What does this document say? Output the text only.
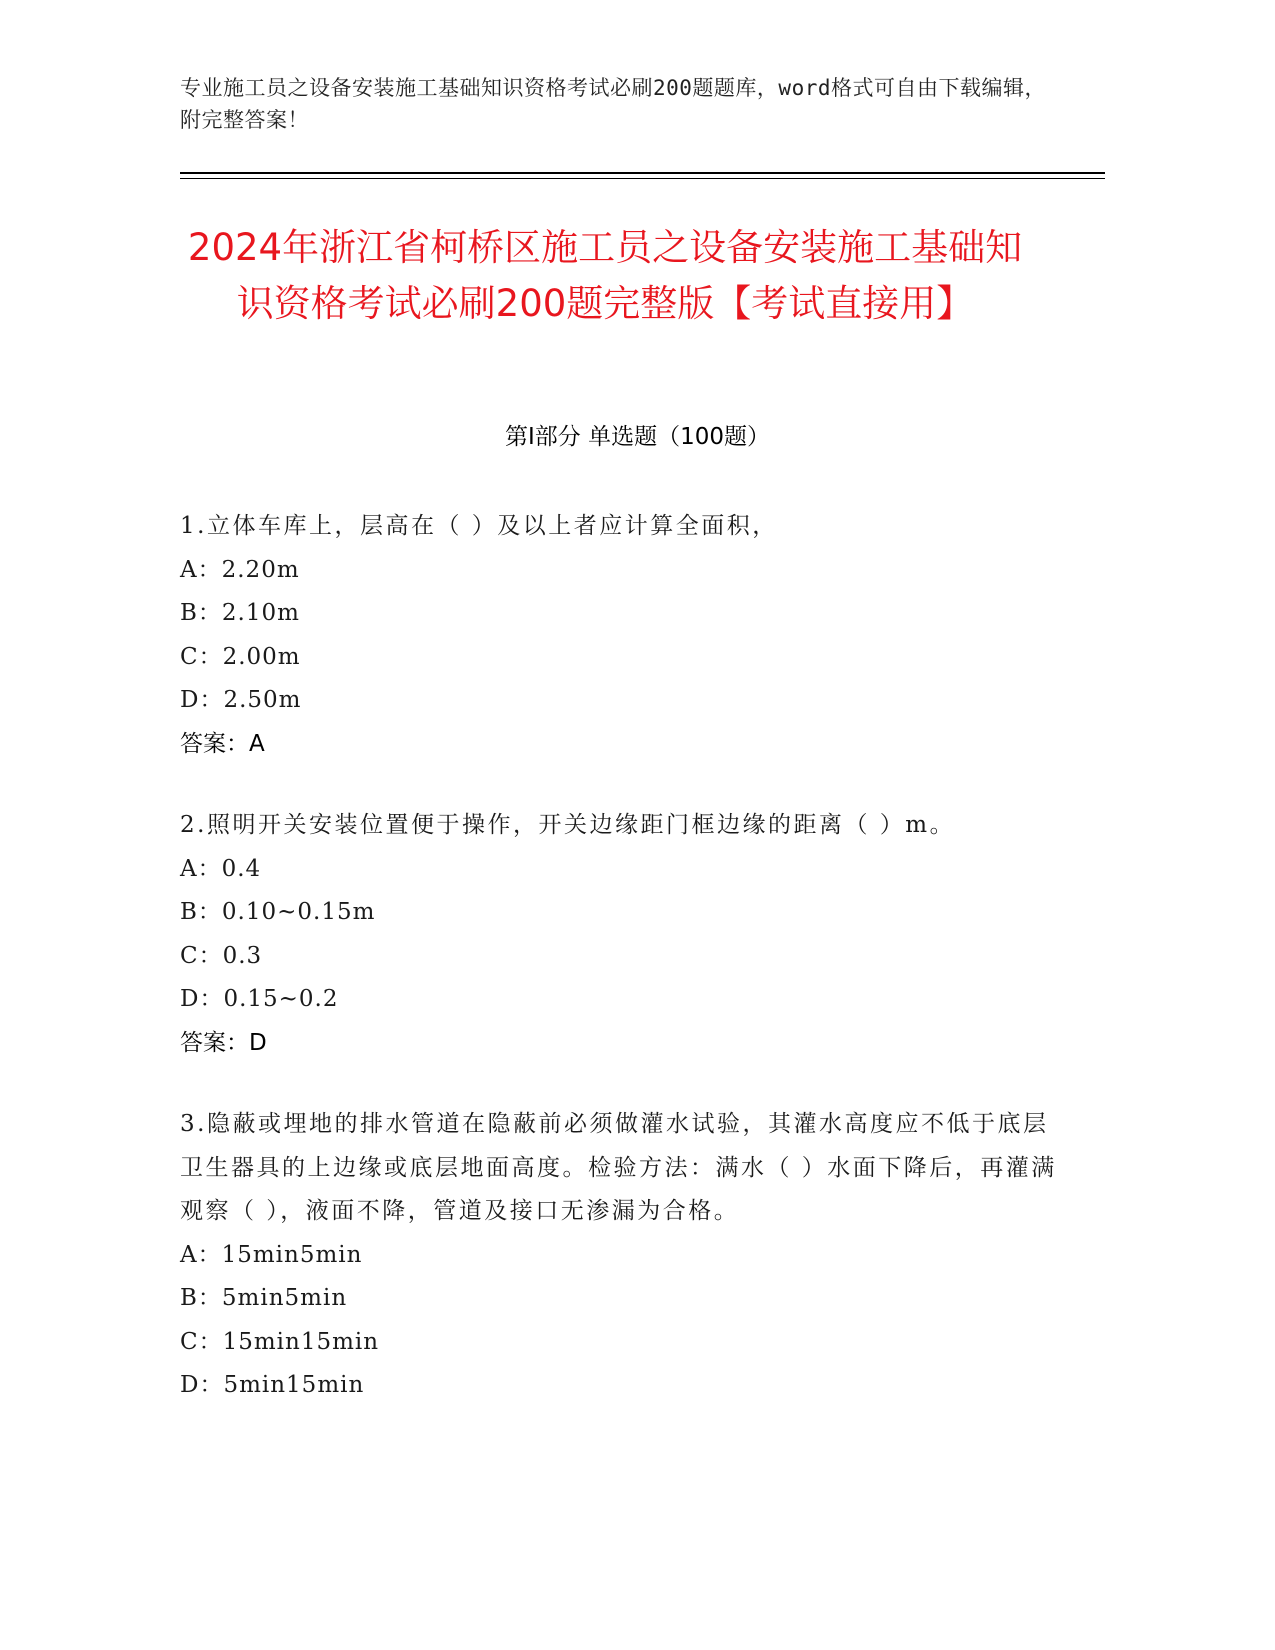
专业施工员之设备安装施工基础知识资格考试必刷200题题库，word格式可自由下载编辑，附完整答案！
2024年浙江省柯桥区施工员之设备安装施工基础知识资格考试必刷200题完整版【考试直接用】
第I部分 单选题（100题）

1.立体车库上，层高在（ ）及以上者应计算全面积，

A：2.20m

B：2.10m

C：2.00m

D：2.50m

答案：A

2.照明开关安装位置便于操作，开关边缘距门框边缘的距离（ ）m。

A：0.4

B：0.10~0.15m

C：0.3

D：0.15~0.2

答案：D

3.隐蔽或埋地的排水管道在隐蔽前必须做灌水试验，其灌水高度应不低于底层卫生器具的上边缘或底层地面高度。检验方法：满水（ ）水面下降后，再灌满观察（ ），液面不降，管道及接口无渗漏为合格。

A：15min5min

B：5min5min

C：15min15min

D：5min15min
